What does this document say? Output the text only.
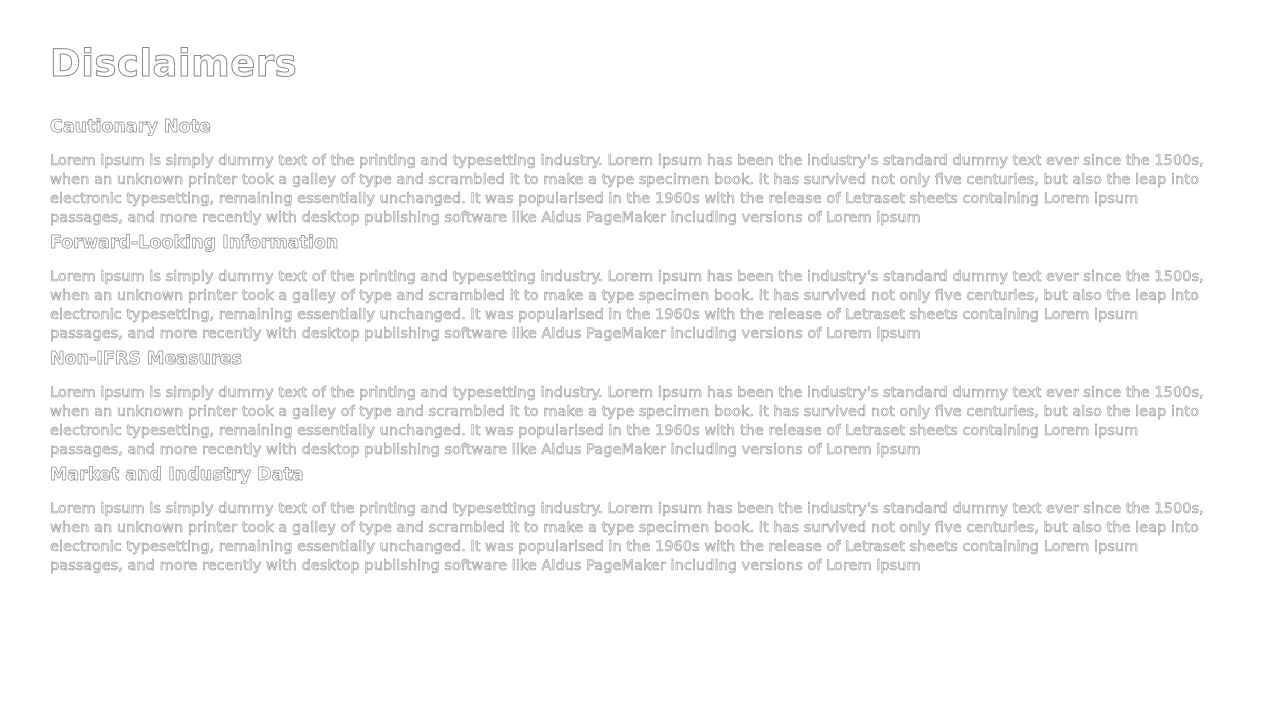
Disclaimers
Cautionary Note

Lorem ipsum is simply dummy text of the printing and typesetting industry. Lorem ipsum has been the industry's standard dummy text ever since the 1500s, when an unknown printer took a galley of type and scrambled it to make a type specimen book. It has survived not only five centuries, but also the leap into electronic typesetting, remaining essentially unchanged. It was popularised in the 1960s with the release of Letraset sheets containing Lorem ipsum passages, and more recently with desktop publishing software like Aldus PageMaker including versions of Lorem ipsum

Forward-Looking Information

Lorem ipsum is simply dummy text of the printing and typesetting industry. Lorem ipsum has been the industry's standard dummy text ever since the 1500s, when an unknown printer took a galley of type and scrambled it to make a type specimen book. It has survived not only five centuries, but also the leap into electronic typesetting, remaining essentially unchanged. It was popularised in the 1960s with the release of Letraset sheets containing Lorem ipsum passages, and more recently with desktop publishing software like Aldus PageMaker including versions of Lorem ipsum

Non-IFRS Measures

Lorem ipsum is simply dummy text of the printing and typesetting industry. Lorem ipsum has been the industry's standard dummy text ever since the 1500s, when an unknown printer took a galley of type and scrambled it to make a type specimen book. It has survived not only five centuries, but also the leap into electronic typesetting, remaining essentially unchanged. It was popularised in the 1960s with the release of Letraset sheets containing Lorem ipsum passages, and more recently with desktop publishing software like Aldus PageMaker including versions of Lorem ipsum

Market and Industry Data

Lorem ipsum is simply dummy text of the printing and typesetting industry. Lorem ipsum has been the industry's standard dummy text ever since the 1500s, when an unknown printer took a galley of type and scrambled it to make a type specimen book. It has survived not only five centuries, but also the leap into electronic typesetting, remaining essentially unchanged. It was popularised in the 1960s with the release of Letraset sheets containing Lorem ipsum passages, and more recently with desktop publishing software like Aldus PageMaker including versions of Lorem ipsum
